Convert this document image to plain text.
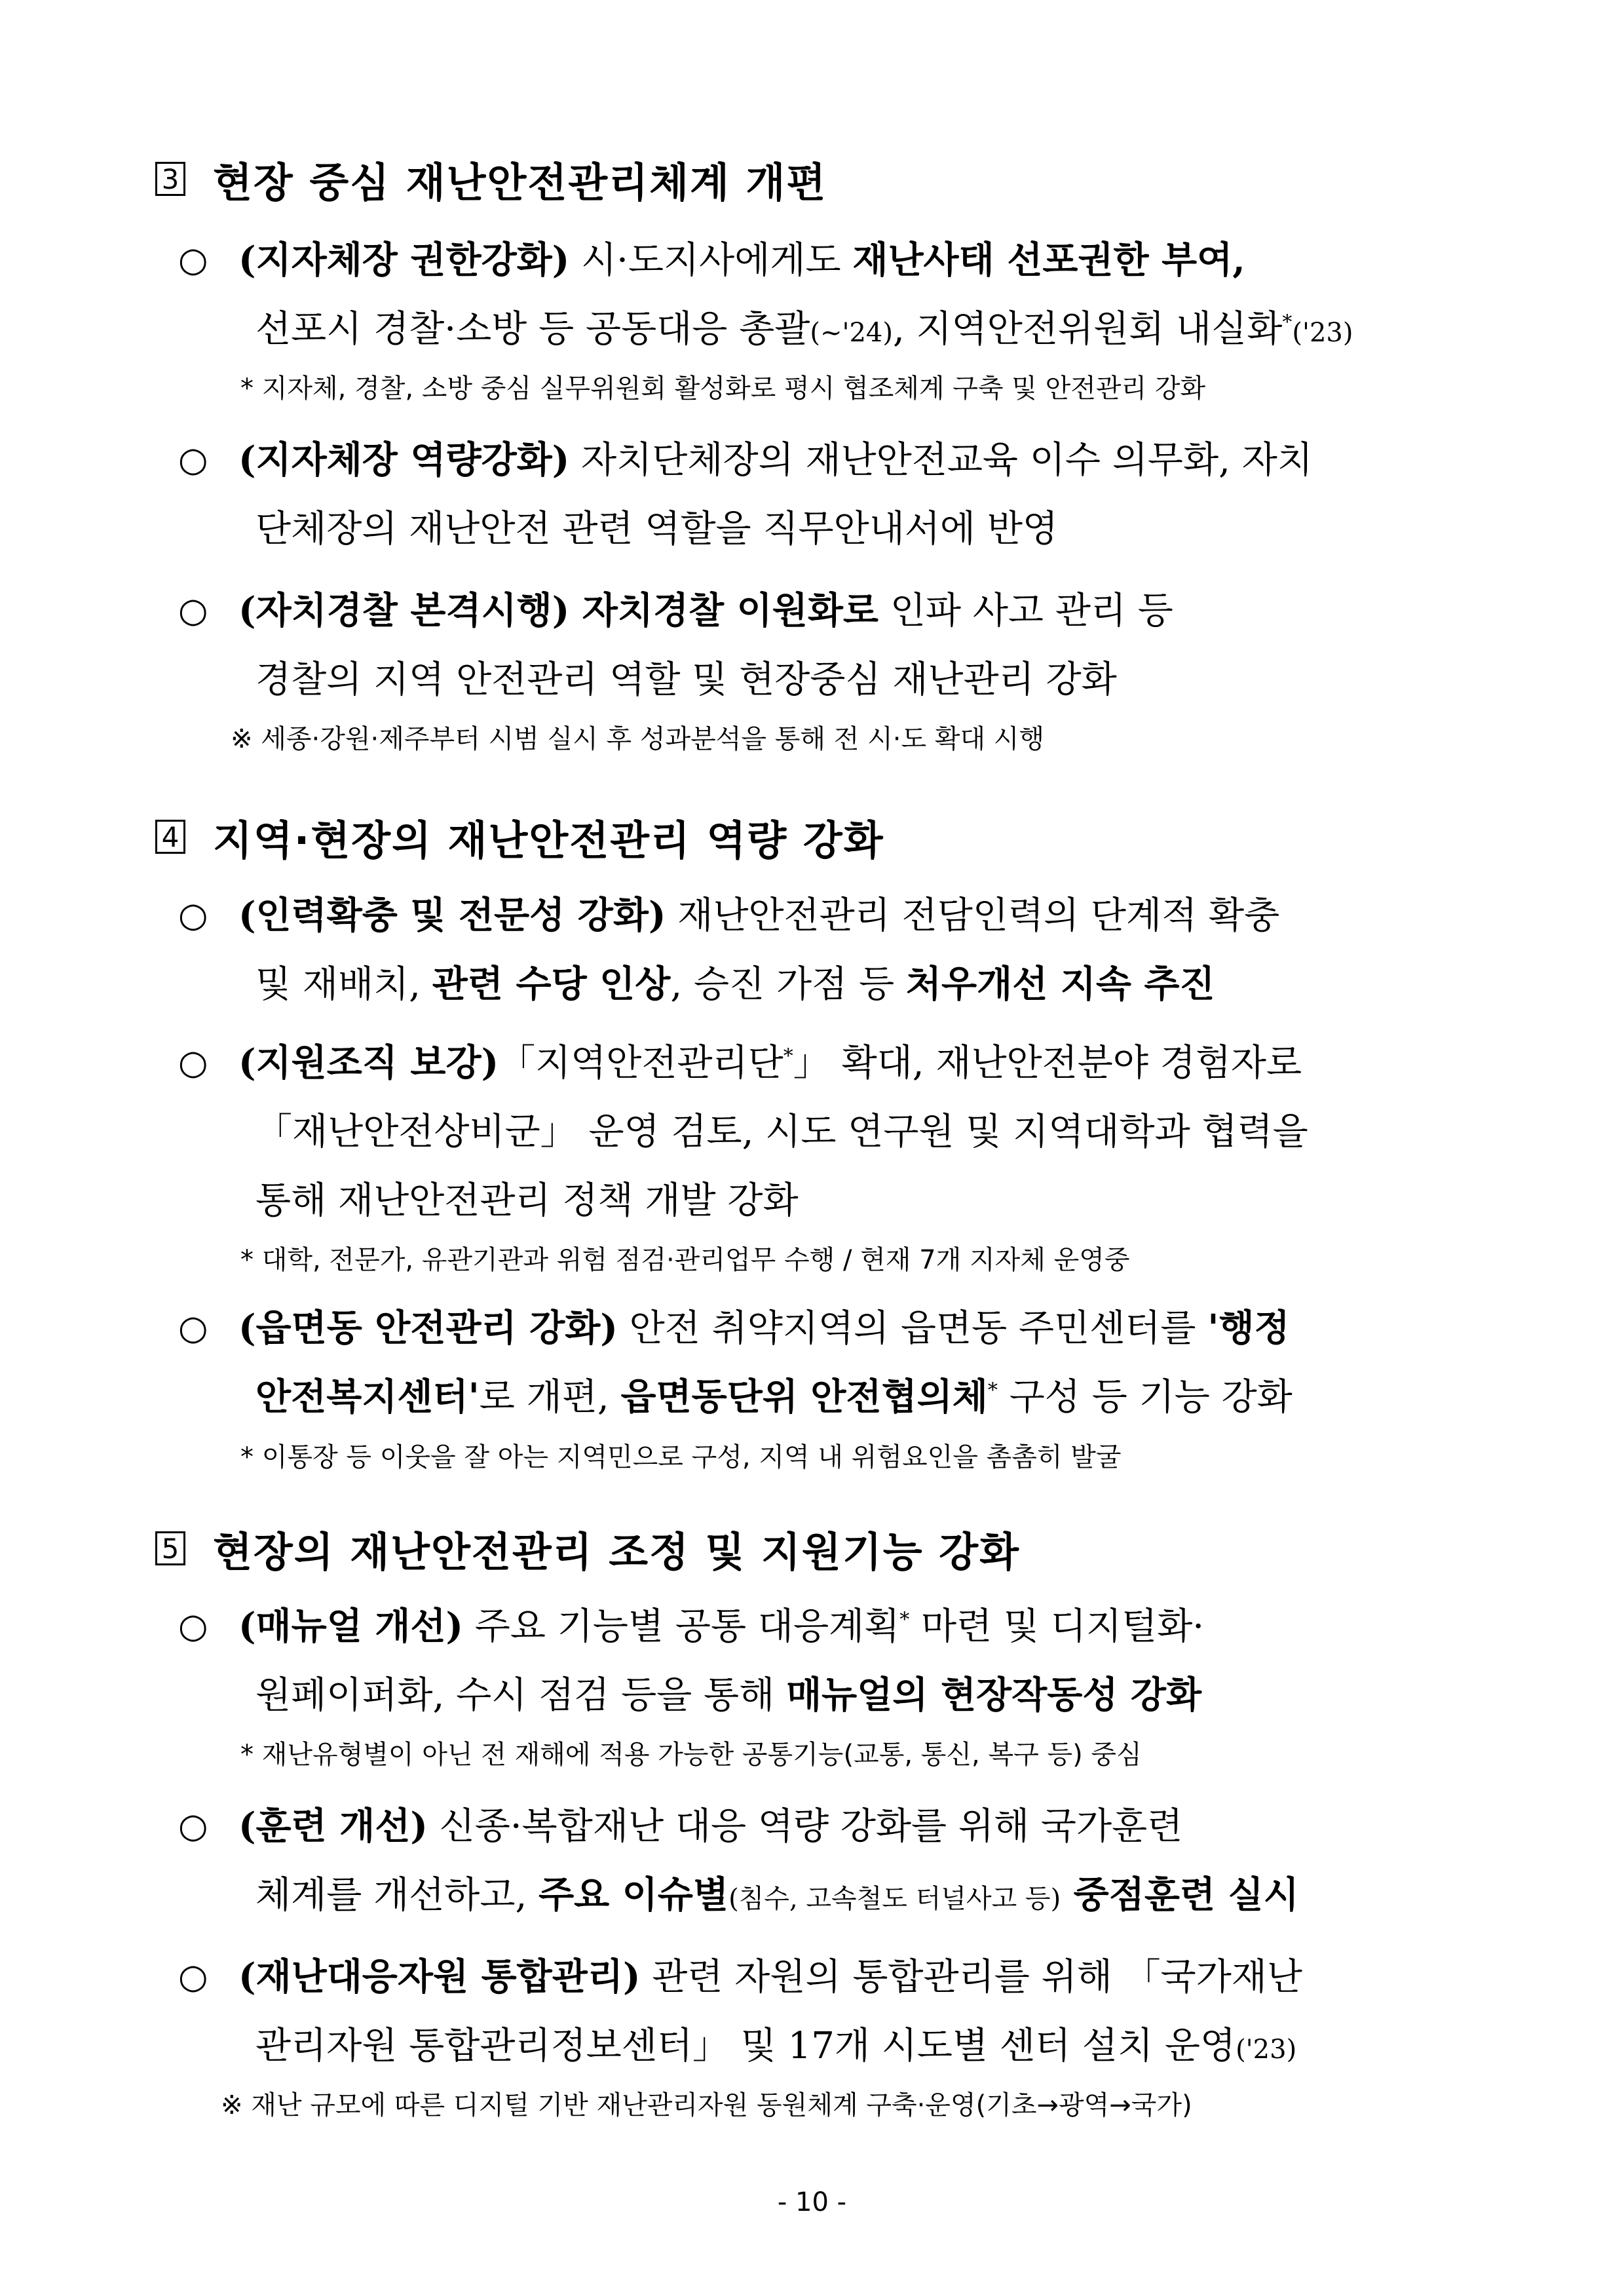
3 현장 중심 재난안전관리체계 개편
○ (지자체장 권한강화) 시·도지사에게도 재난사태 선포권한 부여,
선포시 경찰·소방 등 공동대응 총괄(~'24), 지역안전위원회 내실화*('23)
* 지자체, 경찰, 소방 중심 실무위원회 활성화로 평시 협조체계 구축 및 안전관리 강화
○ (지자체장 역량강화) 자치단체장의 재난안전교육 이수 의무화, 자치
단체장의 재난안전 관련 역할을 직무안내서에 반영
○ (자치경찰 본격시행) 자치경찰 이원화로 인파 사고 관리 등
경찰의 지역 안전관리 역할 및 현장중심 재난관리 강화
※ 세종·강원·제주부터 시범 실시 후 성과분석을 통해 전 시·도 확대 시행
4 지역·현장의 재난안전관리 역량 강화
○ (인력확충 및 전문성 강화) 재난안전관리 전담인력의 단계적 확충
및 재배치, 관련 수당 인상, 승진 가점 등 처우개선 지속 추진
○ (지원조직 보강)「지역안전관리단*」 확대, 재난안전분야 경험자로
「재난안전상비군」 운영 검토, 시도 연구원 및 지역대학과 협력을
통해 재난안전관리 정책 개발 강화
* 대학, 전문가, 유관기관과 위험 점검·관리업무 수행 / 현재 7개 지자체 운영중
○ (읍면동 안전관리 강화) 안전 취약지역의 읍면동 주민센터를 '행정
안전복지센터'로 개편, 읍면동단위 안전협의체* 구성 등 기능 강화
* 이통장 등 이웃을 잘 아는 지역민으로 구성, 지역 내 위험요인을 촘촘히 발굴
5 현장의 재난안전관리 조정 및 지원기능 강화
○ (매뉴얼 개선) 주요 기능별 공통 대응계획* 마련 및 디지털화·
원페이퍼화, 수시 점검 등을 통해 매뉴얼의 현장작동성 강화
* 재난유형별이 아닌 전 재해에 적용 가능한 공통기능(교통, 통신, 복구 등) 중심
○ (훈련 개선) 신종·복합재난 대응 역량 강화를 위해 국가훈련
체계를 개선하고, 주요 이슈별(침수, 고속철도 터널사고 등) 중점훈련 실시
○ (재난대응자원 통합관리) 관련 자원의 통합관리를 위해 「국가재난
관리자원 통합관리정보센터」 및 17개 시도별 센터 설치 운영('23)
※ 재난 규모에 따른 디지털 기반 재난관리자원 동원체계 구축·운영(기초→광역→국가)
- 10 -
